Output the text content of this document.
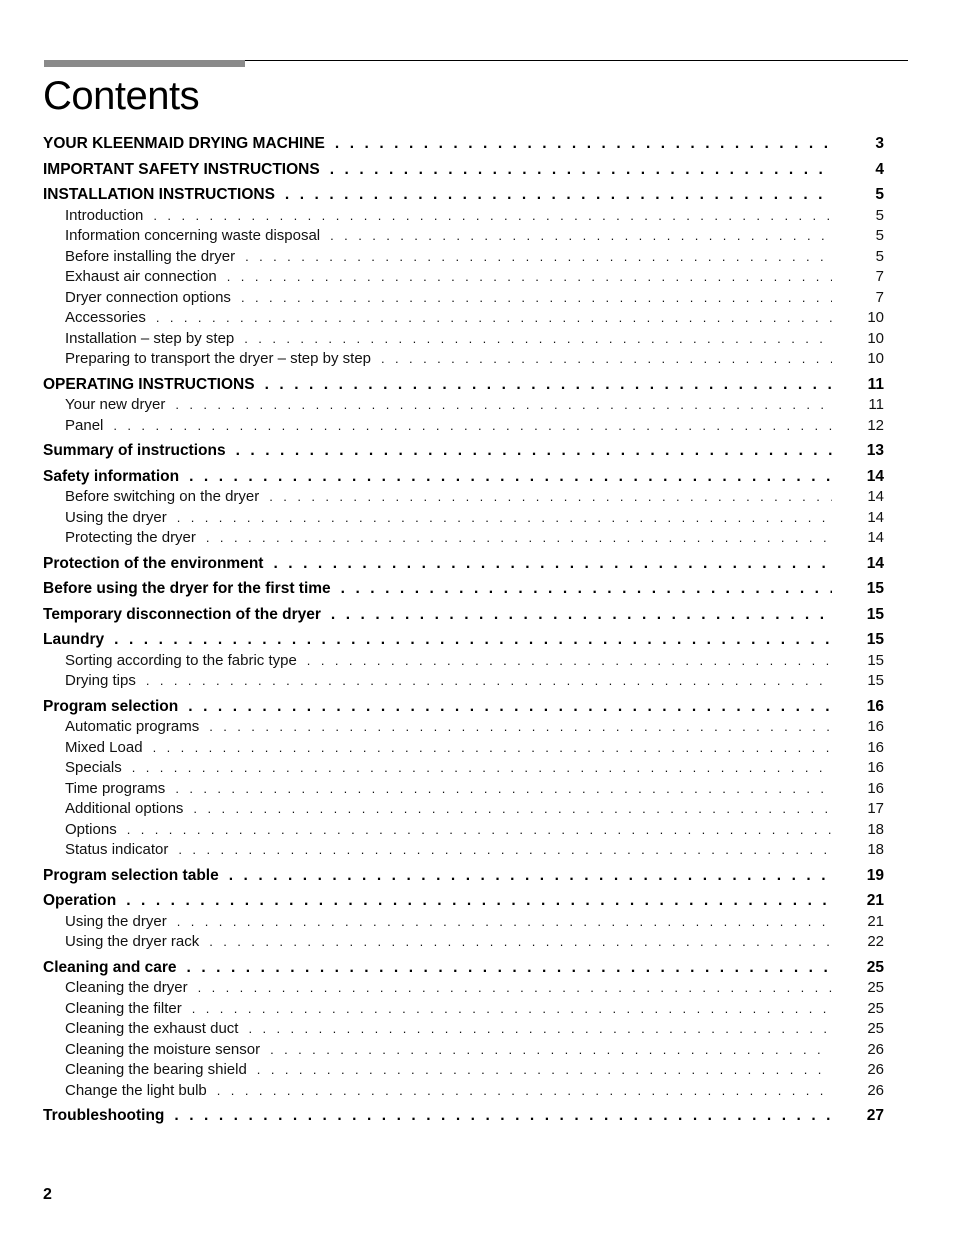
Contents
YOUR KLEENMAID DRYING MACHINE . . .	3
IMPORTANT SAFETY INSTRUCTIONS . . .	4
INSTALLATION INSTRUCTIONS . . .	5
Introduction . . .	5
Information concerning waste disposal . . .	5
Before installing the dryer . . .	5
Exhaust air connection . . .	7
Dryer connection options . . .	7
Accessories . . .	10
Installation – step by step . . .	10
Preparing to transport the dryer – step by step . . .	10
OPERATING INSTRUCTIONS . . .	11
Your new dryer . . .	11
Panel . . .	12
Summary of instructions . . .	13
Safety information . . .	14
Before switching on the dryer . . .	14
Using the dryer . . .	14
Protecting the dryer . . .	14
Protection of the environment . . .	14
Before using the dryer for the first time . . .	15
Temporary disconnection of the dryer . . .	15
Laundry . . .	15
Sorting according to the fabric type . . .	15
Drying tips . . .	15
Program selection . . .	16
Automatic programs . . .	16
Mixed Load . . .	16
Specials . . .	16
Time programs . . .	16
Additional options . . .	17
Options . . .	18
Status indicator . . .	18
Program selection table . . .	19
Operation . . .	21
Using the dryer . . .	21
Using the dryer rack . . .	22
Cleaning and care . . .	25
Cleaning the dryer . . .	25
Cleaning the filter . . .	25
Cleaning the exhaust duct . . .	25
Cleaning the moisture sensor . . .	26
Cleaning the bearing shield . . .	26
Change the light bulb . . .	26
Troubleshooting . . .	27

2
